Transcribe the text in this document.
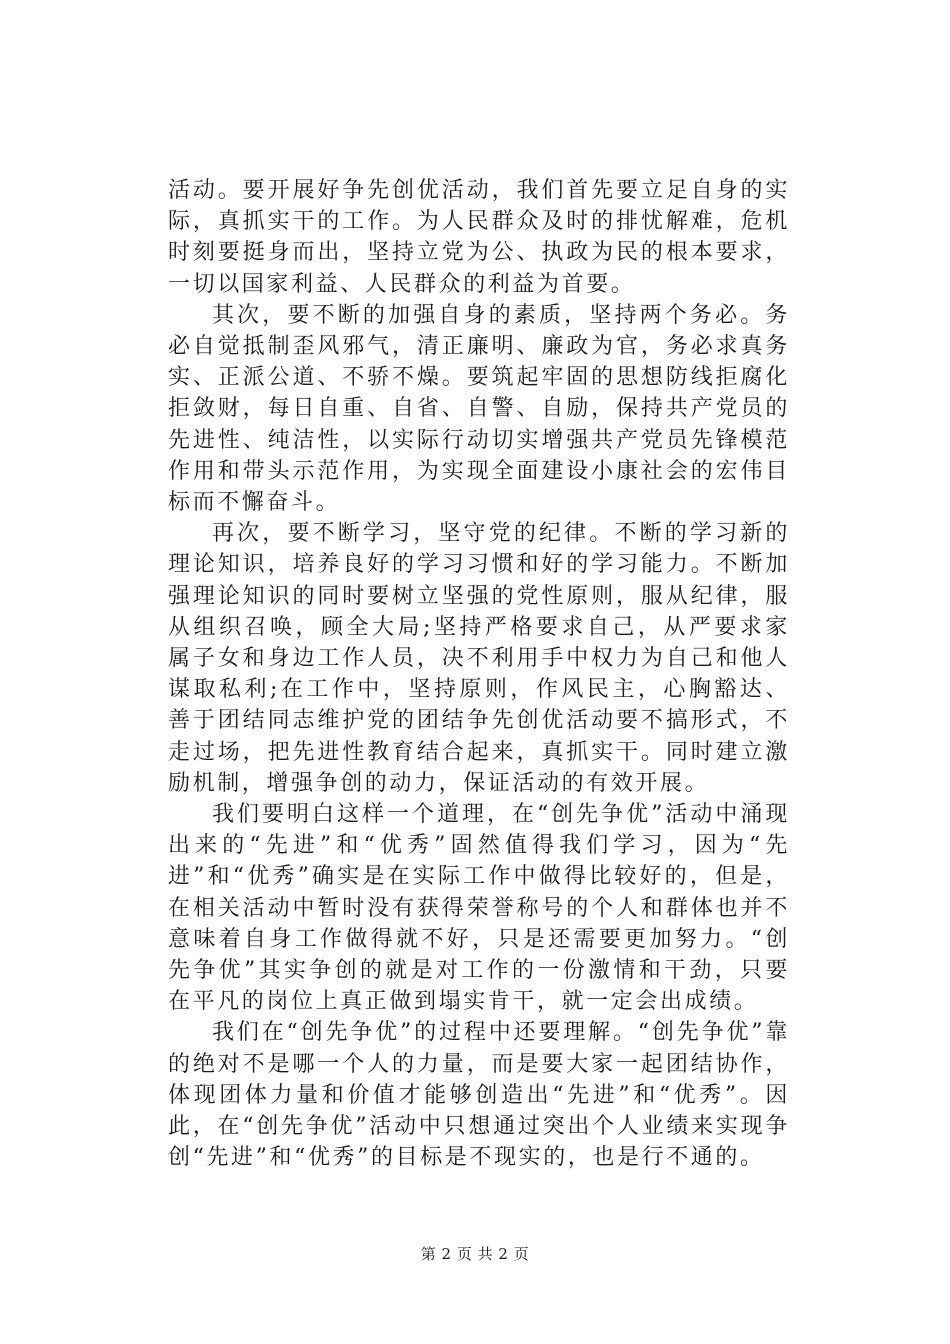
活动。要开展好争先创优活动，我们首先要立足自身的实际，真抓实干的工作。为人民群众及时的排忧解难，危机时刻要挺身而出，坚持立党为公、执政为民的根本要求，一切以国家利益、人民群众的利益为首要。

其次，要不断的加强自身的素质，坚持两个务必。务必自觉抵制歪风邪气，清正廉明、廉政为官，务必求真务实、正派公道、不骄不燥。要筑起牢固的思想防线拒腐化拒敛财，每日自重、自省、自警、自励，保持共产党员的先进性、纯洁性，以实际行动切实增强共产党员先锋模范作用和带头示范作用，为实现全面建设小康社会的宏伟目标而不懈奋斗。

再次，要不断学习，坚守党的纪律。不断的学习新的理论知识，培养良好的学习习惯和好的学习能力。不断加强理论知识的同时要树立坚强的党性原则，服从纪律，服从组织召唤，顾全大局;坚持严格要求自己，从严要求家属子女和身边工作人员，决不利用手中权力为自己和他人谋取私利;在工作中，坚持原则，作风民主，心胸豁达、善于团结同志维护党的团结争先创优活动要不搞形式，不走过场，把先进性教育结合起来，真抓实干。同时建立激励机制，增强争创的动力，保证活动的有效开展。

我们要明白这样一个道理，在“创先争优”活动中涌现出来的“先进”和“优秀”固然值得我们学习，因为“先进”和“优秀”确实是在实际工作中做得比较好的，但是，在相关活动中暂时没有获得荣誉称号的个人和群体也并不意味着自身工作做得就不好，只是还需要更加努力。“创先争优”其实争创的就是对工作的一份激情和干劲，只要在平凡的岗位上真正做到塌实肯干，就一定会出成绩。

我们在“创先争优”的过程中还要理解。“创先争优”靠的绝对不是哪一个人的力量，而是要大家一起团结协作，体现团体力量和价值才能够创造出“先进”和“优秀”。因此，在“创先争优”活动中只想通过突出个人业绩来实现争创“先进”和“优秀”的目标是不现实的，也是行不通的。

第 2 页 共 2 页
